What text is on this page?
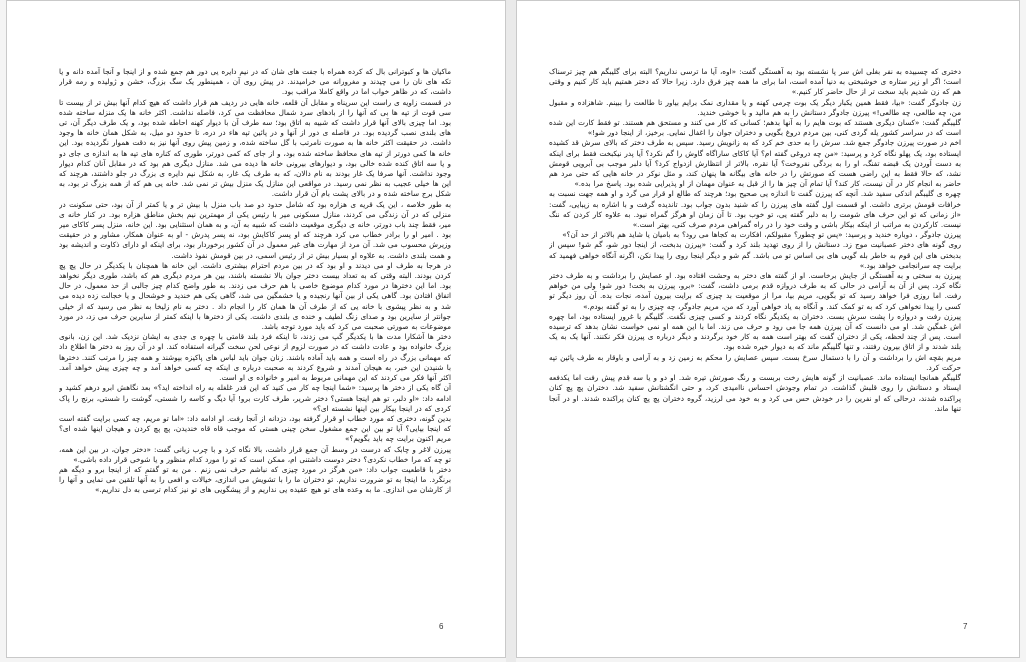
ماکیان ها و کبوترانی بال که کرده همراه با جفت های شان که در نیم دایره یی دور هم جمع شده و از اینجا و آنجا آمده دانه و یا تکه های نان را می چیدند و مغرورانه می خرامیدند. در پیش روی آن ، همینطور یک سگ بزرگ، خشن و ژولیده و رمه قرار داشت، که در ظاهر خواب اما در واقع کاملا مراقب بود.

در قسمت زاویه ی راست این سرپناه و مقابل آن قلعه، خانه هایی در ردیف هم قرار داشت که هیچ کدام آنها بیش تر از بیست تا سی قوت از تپه ها بی که آنها را از بادهای سرد شمال محافظت می کرد، فاصله نداشت. اکثر خانه ها یک منزله ساخته شده بود. اما چیزی بالای آنها قرار داشت که شبیه به اتاق بود؛ سه طرف آن با دیوار کهنه احاطه شده بود، و یک طرف دیگر آن، تی های بلندی نصب گردیده بود. در فاصله ی دور از آنها و در پائین تپه هاء در دره، تا حدود دو میل، به شکل همان خانه ها وجود داشت. در حقیقت اکثر خانه ها به صورت نامرتب با گل ساخته شده، و زمین پیش روی آنها نیز به دقت هموار نگردیده بود. این خانه ها کمی دورتر از تپه های محافظ ساخته شده بود، و از جای که کمی دورتر، طوری که کناره های تپه ها به اندازه ی جای دو و یا سه اتاق کنده شده خالی بود، و دیوارهای بیرونی خانه ها دیده می شد. منازل دیگری هم بود که در مقابل آنان کدام دیوار وجود نداشت. آنها صرفا یک غار بودند به نام دالان، که به طرف یک غار، به شکل نیم دایره ی بزرگ در جلو داشتند، هرچند که این ها خیلی عجیب به نظر نمی رسید. در مواقعی این منازل یک منزل بیش تر نمی شد. خانه یی هم که از همه بزرگ تر بود، به شکل برج ساخته شده و در بالای پشت بام آن قرار داشت.

به طور خلاصه ، این یک قریه ی هزاره بود که شامل حدود دو صد باب منزل با بیش تر و یا کمتر از آن بود، حتی سکونت در منزلی که در آن زندگی می کردند، منازل مسکونی میر با رئیس یکی از مهمترین نیم بخش مناطق هزاره بود. در کنار خانه ی میر، فقط چند باب دورتر، خانه ی دیگری موقعیت داشت که شبیه به آن، و به همان استثنایی بود. این خانه، منزل پسر کاکای میر بود . امیر او را برادر خطاب می کرد هرچند که او پسر کاکایش بود، نه پسر پدرش - او به عنوان همکار، مشاور و در حقیقت وزیرش محسوب می شد. آن مرد از مهارت های غیر معمول در آن کشور برخوردار بود، برای اینکه او دارای ذکاوت و اندیشه بود و همت بلندی داشت. به علاوه او بسیار بیش تر از رئیس اسمی، در بین قومش نفوذ داشت.

در هرجا به طرف او می دیدند و او بود که در بین مردم احترام بیشتری داشت. این خانه ها همچنان با یکدیگر در حال پچ پچ کردن بودند. البته وقتی که به تعداد بیست دختر جوان بالا نشسته باشند، بین هر مردم دیگری هم که باشد، طوری دیگر نخواهد بود. اما این دخترها در مورد کدام موضوع خاصی با هم حرف می زدند. به طور واضح کدام چیز جالبی از حد معمول، در حال اتفاق افتادن بود. گاهی یکی از بین آنها رنجیده و یا خشمگین می شد، گاهی یکی هم خندید و خوشحال و یا خجالت زده دیده می شد و به نظر پیشوی با خانه یی که از طرف آن ها همان کار را انجام داد . دختر به نام زلیخا به نظر می رسید که از خیلی جوانتر از سایرین بود و صدای زنگ لطیف و خنده ی بلندی داشت. یکی از دخترها با اینکه کمتر از سایرین حرف می زد، در مورد موضوعات به صورتی صحبت می کرد که باید مورد توجه باشد.

دختر ها آشکارا مدت ها با یکدیگر گپ می زدند، تا اینکه فرد بلند قامتی با چهره ی جدی به ایشان نزدیک شد. این زن، بانوی بزرگ خانواده بود و عادت داشت که در صورت لزوم از نوعی لحن سخت گیرانه استفاده کند. او در آن روز به دختر ها اطلاع داد که مهمانی بزرگ در راه است و همه باید آماده باشند. زنان جوان باید لباس های پاکیزه بپوشند و همه چیز را مرتب کنند. دخترها با شنیدن این خبر، به هیجان آمدند و شروع کردند به صحبت درباره ی اینکه چه کسی خواهد آمد و چه چیزی پیش خواهد آمد. اکثر آنها فکر می کردند که این مهمانی مربوط به امیر و خانواده ی او است.

آن گاه یکی از دختر ها پرسید: «شما اینجا چه کار می کنید که این قدر غلغله به راه انداخته اید؟» بعد نگاهش ابرو درهم کشید و ادامه داد: «او دلبر، تو هم اینجا هستی؟ دختر شریر، طرف کارت برو! آیا دیگ و کاسه را شستی، گوشت را شستی، برنج را پاک کردی که در اینجا بیکار بین اینها نشسته ای؟»

بدین گونه، دختری که مورد خطاب او قرار گرفته بود، دزدانه از آنجا رفت. او ادامه داد: «اما تو مریم، چه کسی برایت گفته است که اینجا بیایی؟ آیا تو بین این جمع مشغول سخن چینی هستی که موجب قاه قاه خندیدن، پچ پچ کردن و هیجان اینها شده ای؟ مریم اکنون برایت چه باید بگویم؟»

پیرزن لاغر و چابک که درست در وسط آن جمع قرار داشت، بالا نگاه کرد و با چرب زبانی گفت: «دختر جوان، در بین این همه، تو چه که مرا خطاب نکردی؟ دختر دوست داشتنی ام، ممکن است که تو را مورد کدام منظور و یا شوخی قرار داده باشی.»

دختر با قاطعیت جواب داد: «من هرگز در مورد چیزی که نباشم حرف نمی زنم . من به تو گفتم که از اینجا برو و دیگه هم برنگرد. ما اینجا به تو ضرورت نداریم. تو دختران ما را با تشویش می اندازی، خیالات و افعی را به آنها تلقین می نمایی و آنها را از کارشان می اندازی. ما به وعده های تو هیچ عقیده یی نداریم و از پیشگویی های تو نیز کدام ترسی به دل نداریم.»

6

دختری که چسبیده به نفر بغلی اش سر پا نشسته بود به آهستگی گفت: «اوه، آیا ما ترسی نداریم؟ البته برای گلیبگم هم چیز ترسناک است؛ اگر او زیر ستاره ی خوشبختی به دنیا آمده است، اما برای ما همه چیز فرق دارد. زیرا حالا که دختر همتیم باید کار کنیم و وقتی هم که زن شدیم باید سخت تر از حال حاضر کار کنیم.»

زن جادوگر گفت: «بیا، فقط همین یکبار دیگر یک بوت چرمی کهنه و یا مقداری نمک برایم بیاور تا طالعت را ببینم. شاهزاده و مقبول من، چه طالعی، چه طالعی!» پیرزن جادوگر دستانش را به هم مالید و با خوشی خندید.

گلیبگم گفت: «کسان دیگری هستند که بوت هایم را به آنها بدهم؛ کسانی که کار می کنند و مستحق هم هستند. تو فقط کارت این شده است که در سراسر کشور یله گردی کنی، بین مردم دروغ بگویی و دختران جوان را اغفال نمایی. برخیز، از اینجا دور شو!»

اخم در صورت پیرزن جادوگر جمع شد. سرش را به حدی خم کرد که به زانویش رسید. سپس به طرف دختر که بالای سرش قد کشیده ایستاده بود، یک پهلو نگاه کرد و پرسید: «من چه دروغی گفته ام؟ آیا کاکای ساراگاه گاوش را گم نکرد؟ آیا پدر نیکبخت فقط برای اینکه به دست آوردن یک قبضه تفنگ، او را به بردگی نفروخت؟ آیا نقره، بالاتر از انتظارش ازدواج کرد؟ آیا دلبر موجب بی آبرویی قومش نشد، که حالا فقط به این راضی هست که صورتش را در خانه های بیگانه ها پنهان کند، و مثل نوکر در خانه هایی که حتی مرد هم حاضر به انجام کار در آن نیست، کار کند؟ آیا تمام آن چیز ها را از قبل به عنوان مهمان از او پذیرایی شده بود. پاسخ مرا بده.»

چهره ی گلیبگم اندکی سفید شد. آنچه که پیرزن گفت تا اندازه یی صحیح بود؛ هرچند که طالع او قرار می گرد و او همه جهت نسبت به خرافات قومش برتری داشت. او قسمت اول گفته های پیرزن را که شنید بدون جواب بود. تاندیده گرفت و با اشاره به زیبایی، گفت: «از زمانی که تو این حرف های شومت را به دلبر گفته یی، تو خوب بود. تا آن زمان او هرگز گمراه نبود. به علاوه کار کردن که ننگ نیست. کارکردن به مراتب از اینکه بیکار باشی و وقت خود را در راه گمراهی مردم صرف کنی، بهتر است.»

پیرزن جادوگر ، دوباره خندید و پرسید: «پس تو چطور؟ مقبولکم، افکارت به کجاها می رود؟ به بامیان یا شاید هم بالاتر از حد آن؟»

روی گونه های دختر عصبانیت موج زد. دستانش را از روی تهدید بلند کرد و گفت: «پیرزن بدبخت، از اینجا دور شو، گم شو! سپس از بدبختی های این قوم به خاطر بله گویی های بی اساس تو می باشد. گم شو و دیگر اینجا روی را پیدا نکن، اگرنه آنگاه خواهی فهمید که برایت چه سرانجامی خواهد بود.»

پیرزن به سختی و به آهستگی از جایش برخاست. او از گفته های دختر به وحشت افتاده بود. او عصایش را برداشت و به طرف دختر نگاه کرد. پس از آن به آرامی در حالی که به طرف دروازه قدم برمی داشت، گفت: «برو، پیرزن به بخت! دور شو! ولی من خواهم رفت. اما روزی فرا خواهد رسید که تو بگویی، مریم بیا، مرا از موقعیت بد چیزی که برایت بیرون آمده، نجات بده. آن روز دیگر تو کسی را پیدا نخواهی کرد که به تو کمک کند. و آنگاه به یاد خواهی آورد که من، مریم جادوگر، چه چیزی را به تو گفته بودم.»

پیرزن رفت و دروازه را پشت سرش بست. دختران به یکدیگر نگاه کردند و کسی چیزی نگفت. گلیبگم با غرور ایستاده بود، اما چهره اش غمگین شد. او می دانست که آن پیرزن همه جا می رود و حرف می زند. اما با این همه او نمی خواست نشان بدهد که ترسیده است. پس از چند لحظه، یکی از دختران گفت که بهتر است همه به کار خود برگردند و دیگر درباره ی پیرزن فکر نکنند. آنها یک به یک بلند شدند و از اتاق بیرون رفتند، و تنها گلیبگم ماند که به دیوار خیره شده بود.

مریم بقچه اش را برداشت و آن را با دستمال سرخ بست. سپس عصایش را محکم به زمین زد و به آرامی و باوقار به طرف پائین تپه حرکت کرد.

گلیبگم همانجا ایستاده ماند. عصبانیت از گونه هایش رخت بربست و رنگ صورتش تیره شد. او دو و یا سه قدم پیش رفت اما یکدفعه ایستاد و دستانش را روی قلبش گذاشت. در تمام وجودش احساس ناامیدی کرد، و حتی انگشتانش سفید شد. دختران پچ پچ کنان پراکنده شدند، درحالی که او نفرین را در خودش حس می کرد و به خود می لرزید، گروه دختران پچ پچ کنان پراکنده شدند. او در آنجا تنها ماند.

7
